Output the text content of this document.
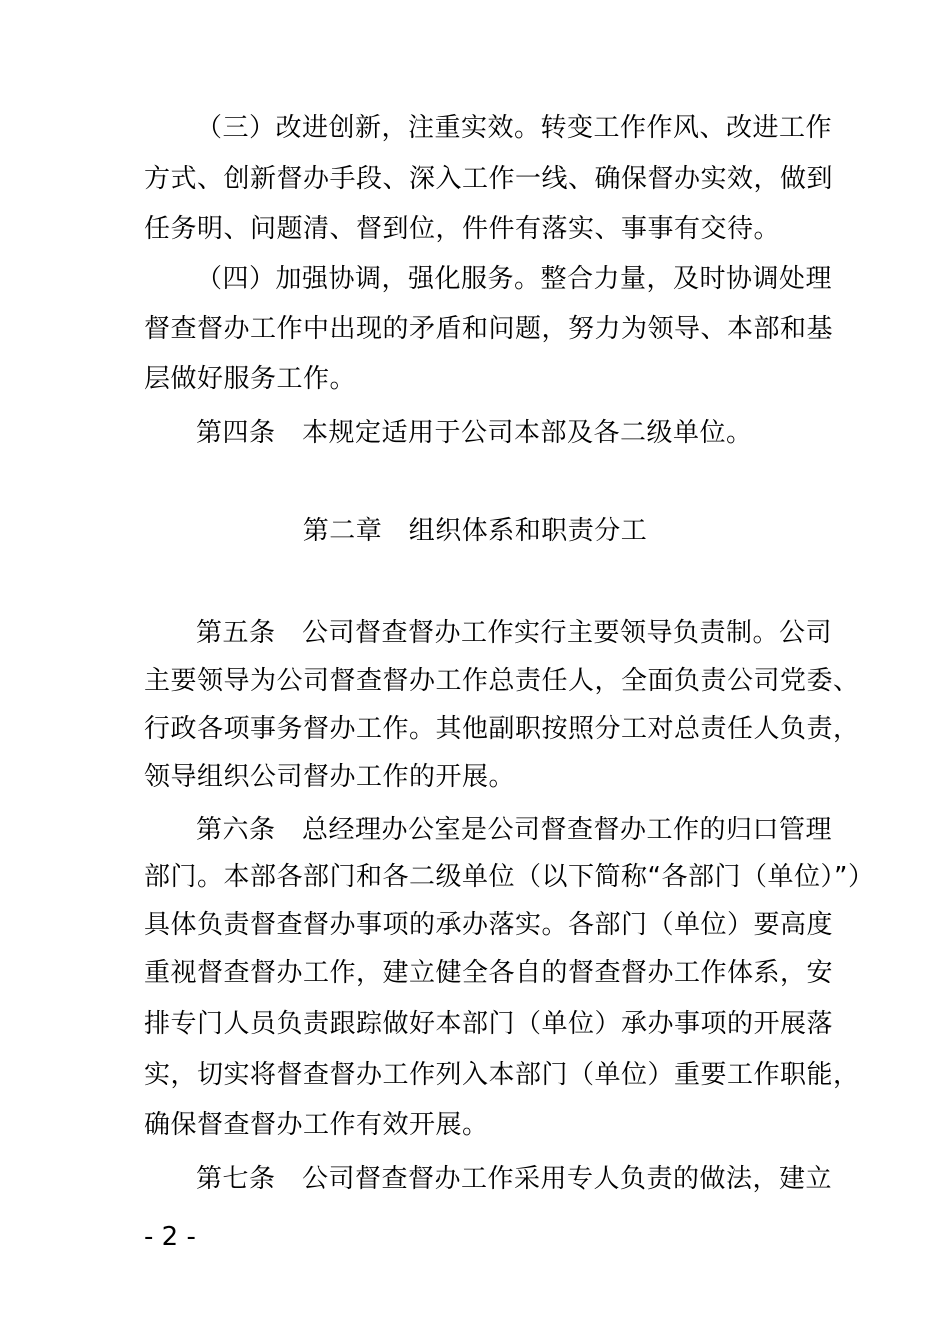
（三）改进创新，注重实效。转变工作作风、改进工作
方式、创新督办手段、深入工作一线、确保督办实效，做到
任务明、问题清、督到位，件件有落实、事事有交待。
（四）加强协调，强化服务。整合力量，及时协调处理
督查督办工作中出现的矛盾和问题，努力为领导、本部和基
层做好服务工作。
第四条　本规定适用于公司本部及各二级单位。
第二章　组织体系和职责分工
第五条　公司督查督办工作实行主要领导负责制。公司
主要领导为公司督查督办工作总责任人，全面负责公司党委、
行政各项事务督办工作。其他副职按照分工对总责任人负责，
领导组织公司督办工作的开展。
第六条　总经理办公室是公司督查督办工作的归口管理
部门。本部各部门和各二级单位（以下简称“各部门（单位）”）
具体负责督查督办事项的承办落实。各部门（单位）要高度
重视督查督办工作，建立健全各自的督查督办工作体系，安
排专门人员负责跟踪做好本部门（单位）承办事项的开展落
实，切实将督查督办工作列入本部门（单位）重要工作职能，
确保督查督办工作有效开展。
第七条　公司督查督办工作采用专人负责的做法，建立
- 2 -
